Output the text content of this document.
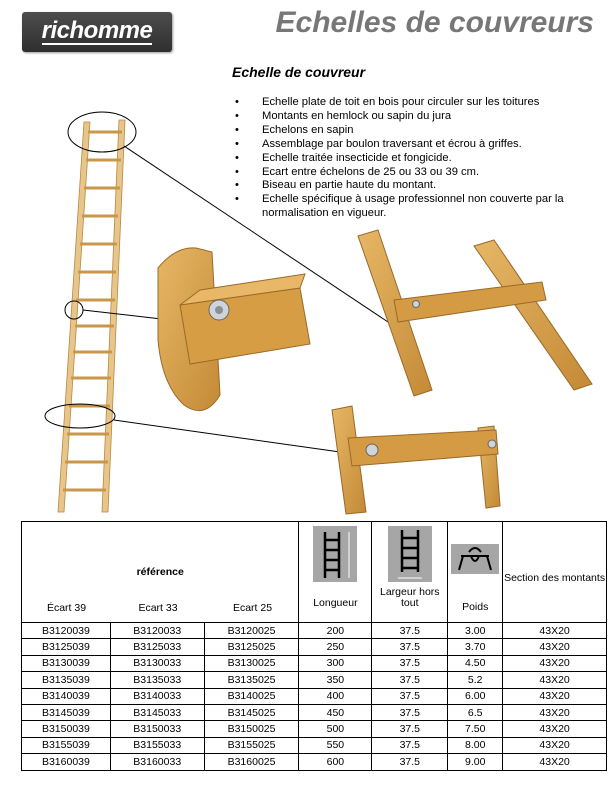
richomme	Echelles de couvreurs
Echelle de couvreur
• Echelle plate de toit en bois pour circuler sur les toitures
• Montants en hemlock ou sapin du jura
• Echelons en sapin
• Assemblage par boulon traversant et écrou à griffes.
• Echelle traitée insecticide et fongicide.
• Ecart entre échelons de 25 ou 33 ou 39 cm.
• Biseau en partie haute du montant.
• Echelle spécifique à usage professionnel non couverte par la normalisation en vigueur.
référence
Écart 39 Ecart 33 Ecart 25			Longueur	Largeur hors tout	Poids	Section des montants

B3120039	B3120033	B3120025	200	37.5	3.00	43X20
B3125039	B3125033	B3125025	250	37.5	3.70	43X20
B3130039	B3130033	B3130025	300	37.5	4.50	43X20
B3135039	B3135033	B3135025	350	37.5	5.2	43X20
B3140039	B3140033	B3140025	400	37.5	6.00	43X20
B3145039	B3145033	B3145025	450	37.5	6.5	43X20
B3150039	B3150033	B3150025	500	37.5	7.50	43X20
B3155039	B3155033	B3155025	550	37.5	8.00	43X20
B3160039	B3160033	B3160025	600	37.5	9.00	43X20
